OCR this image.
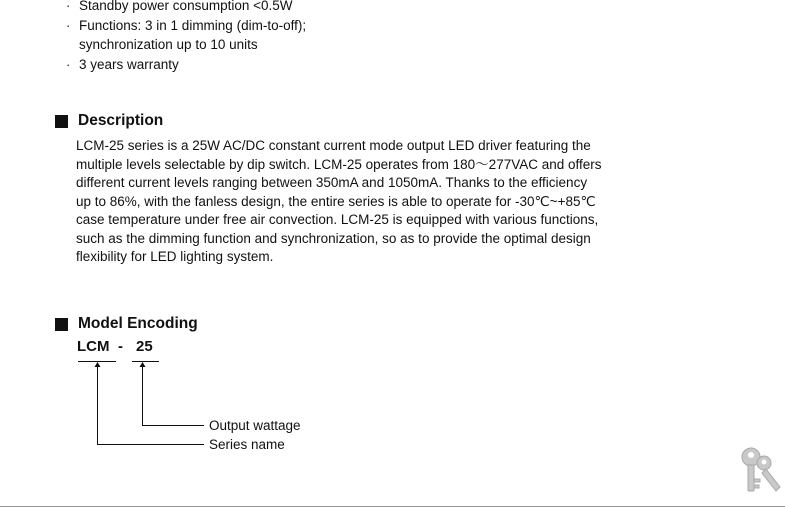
· Standby power consumption <0.5W
· Functions: 3 in 1 dimming (dim-to-off);
synchronization up to 10 units
· 3 years warranty
Description

LCM-25 series is a 25W AC/DC constant current mode output LED driver featuring the
multiple levels selectable by dip switch. LCM-25 operates from 180～277VAC and offers
different current levels ranging between 350mA and 1050mA. Thanks to the efficiency
up to 86%, with the fanless design, the entire series is able to operate for -30℃~+85℃
case temperature under free air convection. LCM-25 is equipped with various functions,
such as the dimming function and synchronization, so as to provide the optimal design
flexibility for LED lighting system.

Model Encoding
LCM - 25
Output wattage
Series name
